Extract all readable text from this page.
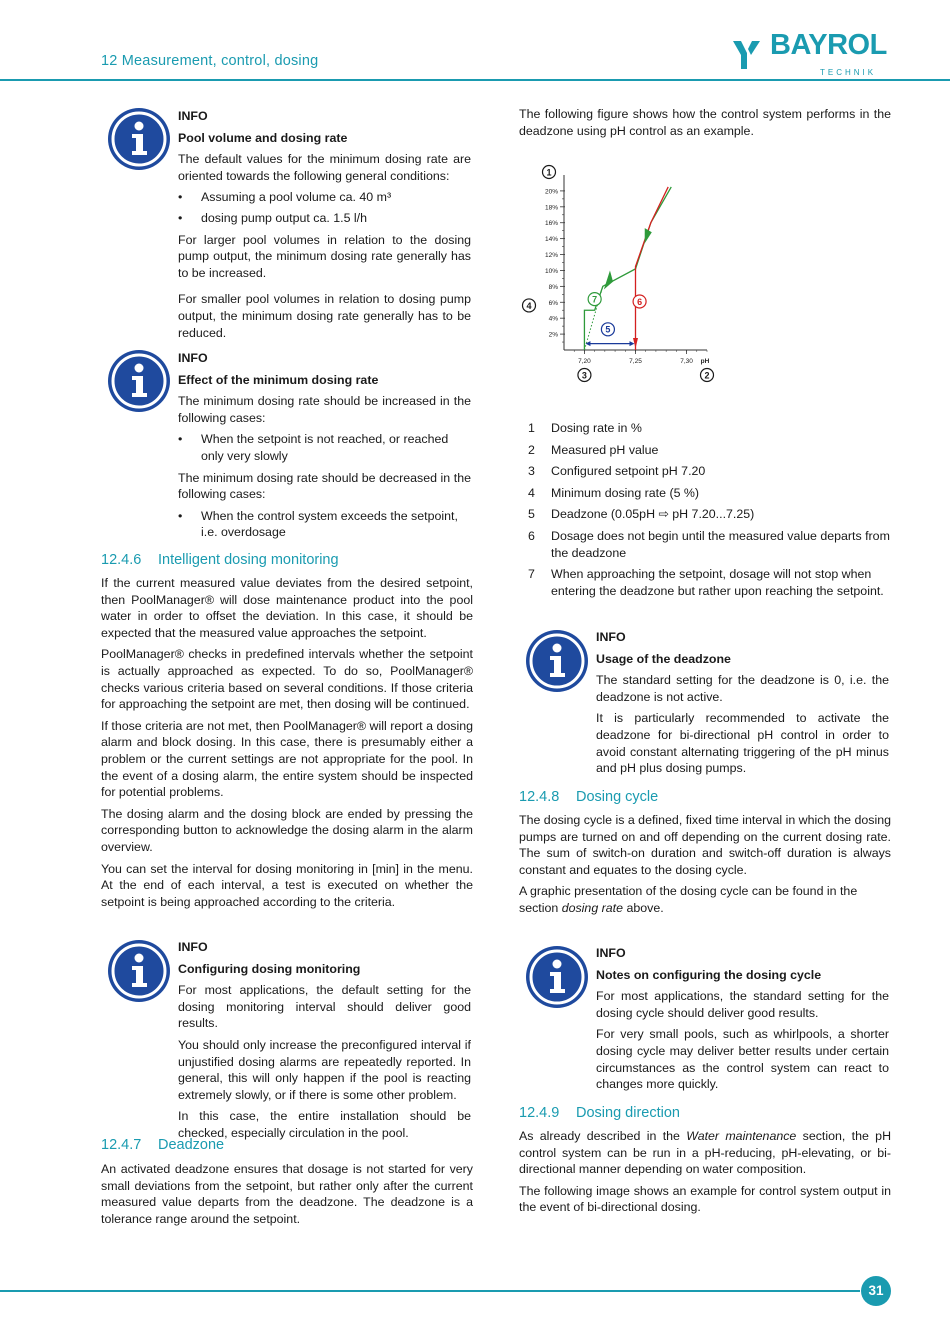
12 Measurement, control, dosing	BAYROL
TECHNIK
INFO
Pool volume and dosing rate
The default values for the minimum dosing rate are oriented towards the following general conditions:
• Assuming a pool volume ca. 40 m³
• dosing pump output ca. 1.5 l/h
For larger pool volumes in relation to the dosing pump output, the minimum dosing rate generally has to be increased.
For smaller pool volumes in relation to dosing pump output, the minimum dosing rate generally has to be reduced.
INFO
Effect of the minimum dosing rate
The minimum dosing rate should be increased in the following cases:
• When the setpoint is not reached, or reached only very slowly
The minimum dosing rate should be decreased in the following cases:
• When the control system exceeds the setpoint, i.e. overdosage
12.4.6 Intelligent dosing monitoring
If the current measured value deviates from the desired setpoint, then PoolManager® will dose maintenance product into the pool water in order to offset the deviation. In this case, it should be expected that the measured value approaches the setpoint.
PoolManager® checks in predefined intervals whether the setpoint is actually approached as expected. To do so, PoolManager® checks various criteria based on several conditions. If those criteria for approaching the setpoint are met, then dosing will be continued.
If those criteria are not met, then PoolManager® will report a dosing alarm and block dosing. In this case, there is presumably either a problem or the current settings are not appropriate for the pool. In the event of a dosing alarm, the entire system should be inspected for potential problems.
The dosing alarm and the dosing block are ended by pressing the corresponding button to acknowledge the dosing alarm in the alarm overview.
You can set the interval for dosing monitoring in [min] in the menu. At the end of each interval, a test is executed on whether the setpoint is being approached according to the criteria.
INFO
Configuring dosing monitoring
For most applications, the default setting for the dosing monitoring interval should deliver good results.
You should only increase the preconfigured interval if unjustified dosing alarms are repeatedly reported. In general, this will only happen if the pool is reacting extremely slowly, or if there is some other problem.
In this case, the entire installation should be checked, especially circulation in the pool.
12.4.7 Deadzone
An activated deadzone ensures that dosage is not started for very small deviations from the setpoint, but rather only after the current measured value departs from the deadzone. The deadzone is a tolerance range around the setpoint.
The following figure shows how the control system performs in the deadzone using pH control as an example.
2%
4%
6%
8%
10%
12%
14%
16%
18%
20%
7,20	7,25	7,30 pH
1
2
3
4
5
6
7
1	Dosing rate in %
2	Measured pH value
3	Configured setpoint pH 7.20
4	Minimum dosing rate (5 %)
5	Deadzone (0.05pH ⇨ pH 7.20...7.25)
6	Dosage does not begin until the measured value departs from the deadzone
7	When approaching the setpoint, dosage will not stop when entering the deadzone but rather upon reaching the setpoint.
INFO
Usage of the deadzone
The standard setting for the deadzone is 0, i.e. the deadzone is not active.
It is particularly recommended to activate the deadzone for bi-directional pH control in order to avoid constant alternating triggering of the pH minus and pH plus dosing pumps.
12.4.8 Dosing cycle
The dosing cycle is a defined, fixed time interval in which the dosing pumps are turned on and off depending on the current dosing rate. The sum of switch-on duration and switch-off duration is always constant and equates to the dosing cycle.
A graphic presentation of the dosing cycle can be found in the section dosing rate above.
INFO
Notes on configuring the dosing cycle
For most applications, the standard setting for the dosing cycle should deliver good results.
For very small pools, such as whirlpools, a shorter dosing cycle may deliver better results under certain circumstances as the control system can react to changes more quickly.
12.4.9 Dosing direction
As already described in the Water maintenance section, the pH control system can be run in a pH-reducing, pH-elevating, or bi-directional manner depending on water composition.
The following image shows an example for control system output in the event of bi-directional dosing.
31
